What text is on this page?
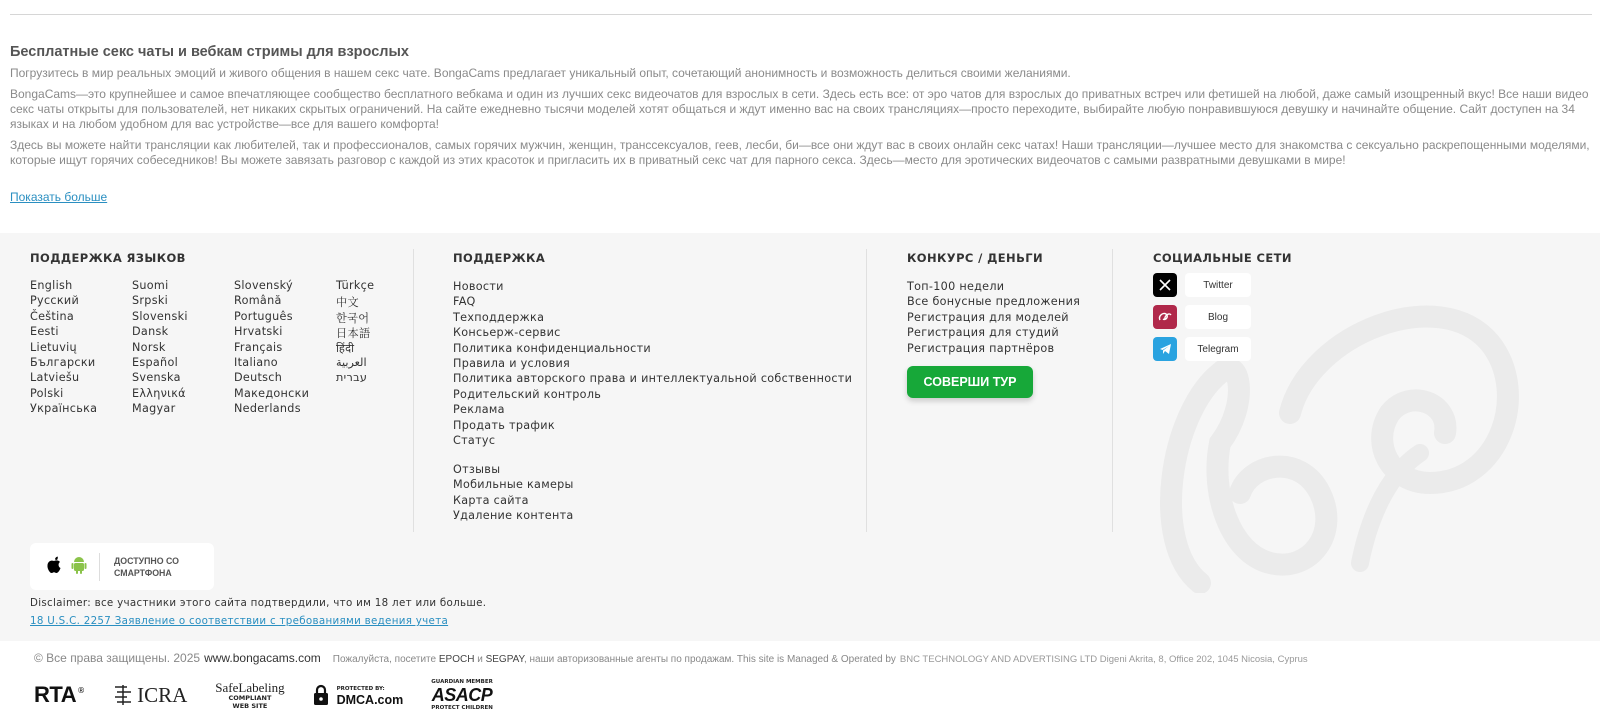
Бесплатные секс чаты и вебкам стримы для взрослых

Погрузитесь в мир реальных эмоций и живого общения в нашем секс чате. BongaCams предлагает уникальный опыт, сочетающий анонимность и возможность делиться своими желаниями.

BongaCams—это крупнейшее и самое впечатляющее сообщество бесплатного вебкама и один из лучших секс видеочатов для взрослых в сети. Здесь есть все: от эро чатов для взрослых до приватных встреч или фетишей на любой, даже самый изощренный вкус! Все наши видео секс чаты открыты для пользователей, нет никаких скрытых ограничений. На сайте ежедневно тысячи моделей хотят общаться и ждут именно вас на своих трансляциях—просто переходите, выбирайте любую понравившуюся девушку и начинайте общение. Сайт доступен на 34 языках и на любом удобном для вас устройстве—все для вашего комфорта!

Здесь вы можете найти трансляции как любителей, так и профессионалов, самых горячих мужчин, женщин, транссексуалов, геев, лесби, би—все они ждут вас в своих онлайн секс чатах! Наши трансляции—лучшее место для знакомства с сексуально раскрепощенными моделями, которые ищут горячих собеседников! Вы можете завязать разговор с каждой из этих красоток и пригласить их в приватный секс чат для парного секса. Здесь—место для эротических видеочатов с самыми развратными девушками в мире!

Показать больше
ПОДДЕРЖКА ЯЗЫКОВ
English	Suomi	Slovenský	Türkçe
Русский	Srpski	Română	中文
Čeština	Slovenski	Português	한국어
Eesti	Dansk	Hrvatski	日本語
Lietuvių	Norsk	Français	हिंदी
Български	Español	Italiano	العربية
Latviešu	Svenska	Deutsch	עברית
Polski	Ελληνικά	Македонски
Українська	Magyar	Nederlands
ПОДДЕРЖКА
Новости
FAQ
Техподдержка
Консьерж-сервис
Политика конфиденциальности
Правила и условия
Политика авторского права и интеллектуальной собственности
Родительский контроль
Реклама
Продать трафик
Статус
Отзывы
Мобильные камеры
Карта сайта
Удаление контента
КОНКУРС / ДЕНЬГИ
Топ-100 недели
Все бонусные предложения
Регистрация для моделей
Регистрация для студий
Регистрация партнёров
СОВЕРШИ ТУР
СОЦИАЛЬНЫЕ СЕТИ
Twitter
Blog
Telegram
ДОСТУПНО СО
СМАРТФОНА
Disclaimer: все участники этого сайта подтвердили, что им 18 лет или больше.
18 U.S.C. 2257 Заявление о соответствии с требованиями ведения учета
© Все права защищены. 2025 www.bongacams.com Пожалуйста, посетите EPOCH и SEGPAY, наши авторизованные агенты по продажам. This site is Managed & Operated by BNC TECHNOLOGY AND ADVERTISING LTD Digeni Akrita, 8, Office 202, 1045 Nicosia, Cyprus
RTA ® ICRA SafeLabeling
COMPLIANT
WEB SITE
PROTECTED BY:
DMCA.com
GUARDIAN MEMBER
ASACP
PROTECT CHILDREN
